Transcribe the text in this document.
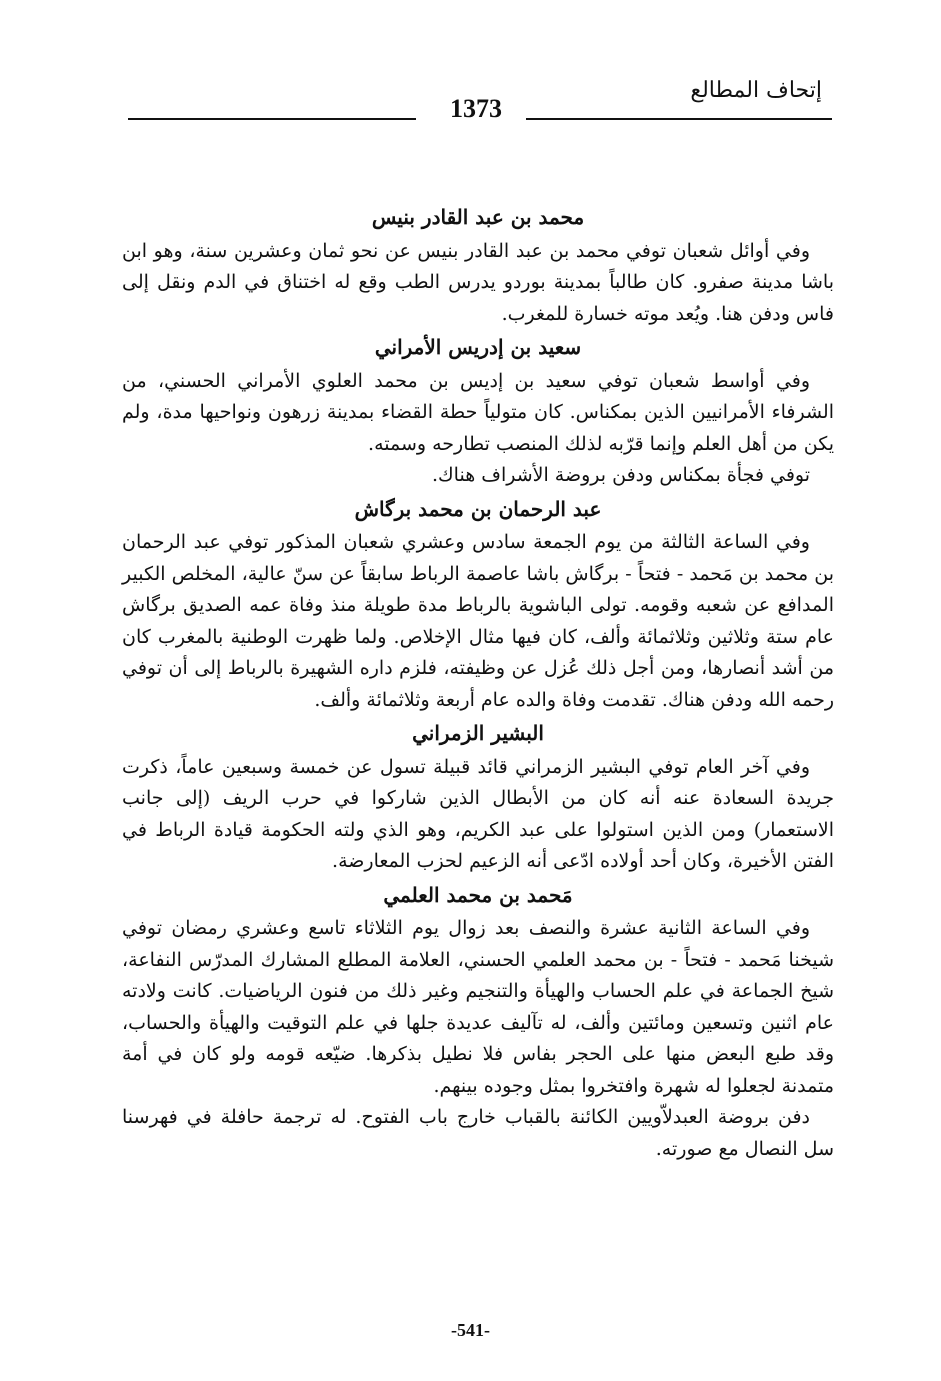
إتحاف المطالع
1373
محمد بن عبد القادر بنيس

وفي أوائل شعبان توفي محمد بن عبد القادر بنيس عن نحو ثمان وعشرين سنة، وهو ابن باشا مدينة صفرو. كان طالباً بمدينة بوردو يدرس الطب وقع له اختناق في الدم ونقل إلى فاس ودفن هنا. ويُعد موته خسارة للمغرب.

سعيد بن إدريس الأمراني

وفي أواسط شعبان توفي سعيد بن إديس بن محمد العلوي الأمراني الحسني، من الشرفاء الأمرانيين الذين بمكناس. كان متولياً حطة القضاء بمدينة زرهون ونواحيها مدة، ولم يكن من أهل العلم وإنما قرّبه لذلك المنصب تطارحه وسمته.

توفي فجأة بمكناس ودفن بروضة الأشراف هناك.

عبد الرحمان بن محمد برگاش

وفي الساعة الثالثة من يوم الجمعة سادس وعشري شعبان المذكور توفي عبد الرحمان بن محمد بن مَحمد - فتحاً - برگاش باشا عاصمة الرباط سابقاً عن سنّ عالية، المخلص الكبير المدافع عن شعبه وقومه. تولى الباشوية بالرباط مدة طويلة منذ وفاة عمه الصديق برگاش عام ستة وثلاثين وثلاثمائة وألف، كان فيها مثال الإخلاص. ولما ظهرت الوطنية بالمغرب كان من أشد أنصارها، ومن أجل ذلك عُزل عن وظيفته، فلزم داره الشهيرة بالرباط إلى أن توفي رحمه الله ودفن هناك. تقدمت وفاة والده عام أربعة وثلاثمائة وألف.

البشير الزمراني

وفي آخر العام توفي البشير الزمراني قائد قبيلة تسول عن خمسة وسبعين عاماً، ذكرت جريدة السعادة عنه أنه كان من الأبطال الذين شاركوا في حرب الريف (إلى جانب الاستعمار) ومن الذين استولوا على عبد الكريم، وهو الذي ولته الحكومة قيادة الرباط في الفتن الأخيرة، وكان أحد أولاده ادّعى أنه الزعيم لحزب المعارضة.

مَحمد بن محمد العلمي

وفي الساعة الثانية عشرة والنصف بعد زوال يوم الثلاثاء تاسع وعشري رمضان توفي شيخنا مَحمد - فتحاً - بن محمد العلمي الحسني، العلامة المطلع المشارك المدرّس النفاعة، شيخ الجماعة في علم الحساب والهيأة والتنجيم وغير ذلك من فنون الرياضيات. كانت ولادته عام اثنين وتسعين ومائتين وألف، له تآليف عديدة جلها في علم التوقيت والهيأة والحساب، وقد طبع البعض منها على الحجر بفاس فلا نطيل بذكرها. ضيّعه قومه ولو كان في أمة متمدنة لجعلوا له شهرة وافتخروا بمثل وجوده بينهم.

دفن بروضة العبدلاّويين الكائنة بالقباب خارج باب الفتوح. له ترجمة حافلة في فهرسنا سل النصال مع صورته.

-541-
